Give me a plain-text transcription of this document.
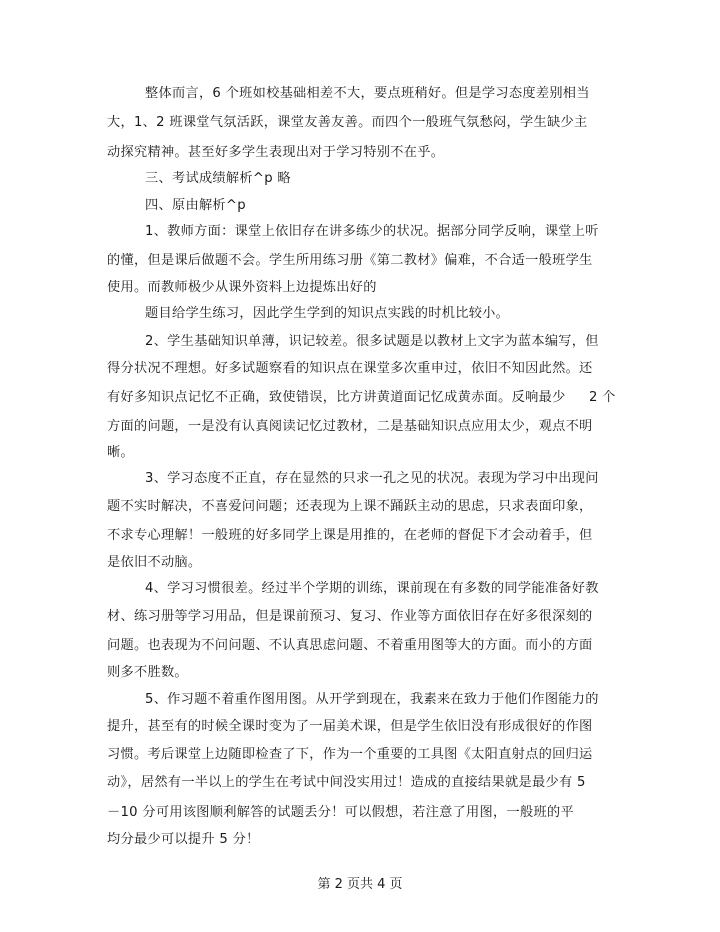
整体而言，6 个班如校基础相差不大，要点班稍好。但是学习态度差别相当
大，1、2 班课堂气氛活跃，课堂友善友善。而四个一般班气氛愁闷，学生缺少主
动探究精神。甚至好多学生表现出对于学习特别不在乎。
三、考试成绩解析^p 略
四、原由解析^p
1、教师方面：课堂上依旧存在讲多练少的状况。据部分同学反响，课堂上听
的懂，但是课后做题不会。学生所用练习册《第二教材》偏难，不合适一般班学生
使用。而教师极少从课外资料上边提炼出好的
题目给学生练习，因此学生学到的知识点实践的时机比较小。
2、学生基础知识单薄，识记较差。很多试题是以教材上文字为蓝本编写，但
得分状况不理想。好多试题察看的知识点在课堂多次重申过，依旧不知因此然。还
有好多知识点记忆不正确，致使错误，比方讲黄道面记忆成黄赤面。反响最少 2 个
方面的问题，一是没有认真阅读记忆过教材，二是基础知识点应用太少，观点不明
晰。
3、学习态度不正直，存在显然的只求一孔之见的状况。表现为学习中出现问
题不实时解决，不喜爱问问题；还表现为上课不踊跃主动的思虑，只求表面印象，
不求专心理解！一般班的好多同学上课是用推的，在老师的督促下才会动着手，但
是依旧不动脑。
4、学习习惯很差。经过半个学期的训练，课前现在有多数的同学能准备好教
材、练习册等学习用品，但是课前预习、复习、作业等方面依旧存在好多很深刻的
问题。也表现为不问问题、不认真思虑问题、不着重用图等大的方面。而小的方面
则多不胜数。
5、作习题不着重作图用图。从开学到现在，我素来在致力于他们作图能力的
提升，甚至有的时候全课时变为了一届美术课，但是学生依旧没有形成很好的作图
习惯。考后课堂上边随即检查了下，作为一个重要的工具图《太阳直射点的回归运
动》，居然有一半以上的学生在考试中间没实用过！造成的直接结果就是最少有 5
－10 分可用该图顺利解答的试题丢分！可以假想，若注意了用图，一般班的平
均分最少可以提升 5 分！
第 2 页共 4 页
